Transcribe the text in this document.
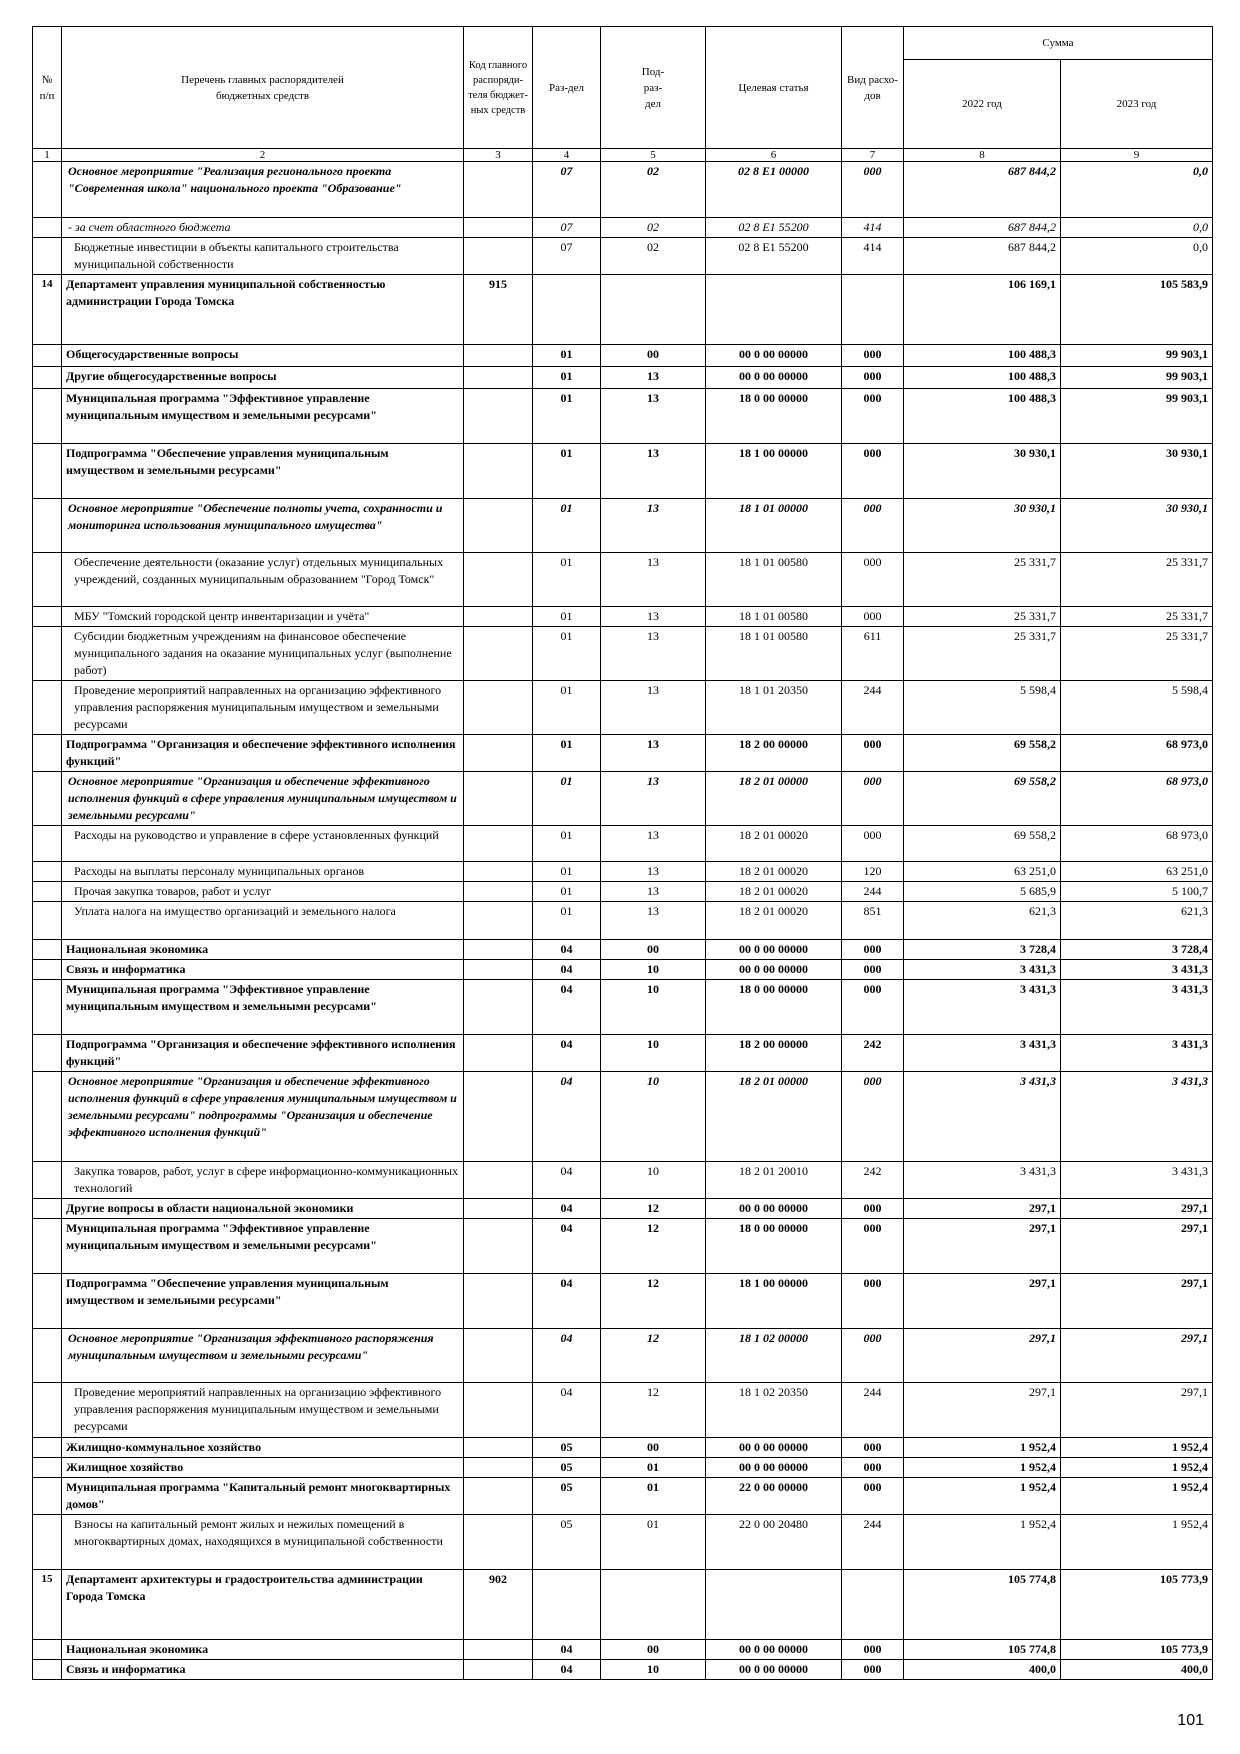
№ п/п	Перечень главных распорядителей бюджетных средств	Код главного распоряди-теля бюджет-ных средств	Раз-дел	Под-раз-дел	Целевая статья	Вид расхо-дов	Сумма	
							2022 год	2023 год
1	2	3	4	5	6	7	8	9
	Основное мероприятие "Реализация регионального проекта "Современная школа" национального проекта "Образование"		07	02	02 8 E1 00000	000	687 844,2	0,0
	- за счет областного бюджета		07	02	02 8 E1 55200	414	687 844,2	0,0
	Бюджетные инвестиции в объекты капитального строительства муниципальной собственности		07	02	02 8 E1 55200	414	687 844,2	0,0
14	Департамент управления муниципальной собственностью администрации Города Томска	915					106 169,1	105 583,9
	Общегосударственные вопросы		01	00	00 0 00 00000	000	100 488,3	99 903,1
	Другие общегосударственные вопросы		01	13	00 0 00 00000	000	100 488,3	99 903,1
	Муниципальная программа "Эффективное управление муниципальным имуществом и земельными ресурсами"		01	13	18 0 00 00000	000	100 488,3	99 903,1
	Подпрограмма "Обеспечение управления муниципальным имуществом и земельными ресурсами"		01	13	18 1 00 00000	000	30 930,1	30 930,1
	Основное мероприятие "Обеспечение полноты учета, сохранности и мониторинга использования муниципального имущества"		01	13	18 1 01 00000	000	30 930,1	30 930,1
	Обеспечение деятельности (оказание услуг) отдельных муниципальных учреждений, созданных муниципальным образованием "Город Томск"		01	13	18 1 01 00580	000	25 331,7	25 331,7
	МБУ "Томский городской центр инвентаризации и учёта"		01	13	18 1 01 00580	000	25 331,7	25 331,7
	Субсидии бюджетным учреждениям на финансовое обеспечение муниципального задания на оказание муниципальных услуг (выполнение работ)		01	13	18 1 01 00580	611	25 331,7	25 331,7
	Проведение мероприятий направленных на организацию эффективного управления распоряжения муниципальным имуществом и земельными ресурсами		01	13	18 1 01 20350	244	5 598,4	5 598,4
	Подпрограмма "Организация и обеспечение эффективного исполнения функций"		01	13	18 2 00 00000	000	69 558,2	68 973,0
	Основное мероприятие "Организация и обеспечение эффективного исполнения функций в сфере управления муниципальным имуществом и земельными ресурсами"		01	13	18 2 01 00000	000	69 558,2	68 973,0
	Расходы на руководство и управление в сфере установленных функций		01	13	18 2 01 00020	000	69 558,2	68 973,0
	Расходы на выплаты персоналу муниципальных органов		01	13	18 2 01 00020	120	63 251,0	63 251,0
	Прочая закупка товаров, работ и услуг		01	13	18 2 01 00020	244	5 685,9	5 100,7
	Уплата налога на имущество организаций и земельного налога		01	13	18 2 01 00020	851	621,3	621,3
	Национальная экономика		04	00	00 0 00 00000	000	3 728,4	3 728,4
	Связь и информатика		04	10	00 0 00 00000	000	3 431,3	3 431,3
	Муниципальная программа "Эффективное управление муниципальным имуществом и земельными ресурсами"		04	10	18 0 00 00000	000	3 431,3	3 431,3
	Подпрограмма "Организация и обеспечение эффективного исполнения функций"		04	10	18 2 00 00000	242	3 431,3	3 431,3
	Основное мероприятие "Организация и обеспечение эффективного исполнения функций в сфере управления муниципальным имуществом и земельными ресурсами" подпрограммы "Организация и обеспечение эффективного исполнения функций"		04	10	18 2 01 00000	000	3 431,3	3 431,3
	Закупка товаров, работ, услуг в сфере информационно-коммуникационных технологий		04	10	18 2 01 20010	242	3 431,3	3 431,3
	Другие вопросы в области национальной экономики		04	12	00 0 00 00000	000	297,1	297,1
	Муниципальная программа "Эффективное управление муниципальным имуществом и земельными ресурсами"		04	12	18 0 00 00000	000	297,1	297,1
	Подпрограмма "Обеспечение управления муниципальным имуществом и земельными ресурсами"		04	12	18 1 00 00000	000	297,1	297,1
	Основное мероприятие "Организация эффективного распоряжения муниципальным имуществом и земельными ресурсами"		04	12	18 1 02 00000	000	297,1	297,1
	Проведение мероприятий направленных на организацию эффективного управления распоряжения муниципальным имуществом и земельными ресурсами		04	12	18 1 02 20350	244	297,1	297,1
	Жилищно-коммунальное хозяйство		05	00	00 0 00 00000	000	1 952,4	1 952,4
	Жилищное хозяйство		05	01	00 0 00 00000	000	1 952,4	1 952,4
	Муниципальная программа "Капитальный ремонт многоквартирных домов"		05	01	22 0 00 00000	000	1 952,4	1 952,4
	Взносы на капитальный ремонт жилых и нежилых помещений в многоквартирных домах, находящихся в муниципальной собственности		05	01	22 0 00 20480	244	1 952,4	1 952,4
15	Департамент архитектуры и градостроительства администрации Города Томска	902					105 774,8	105 773,9
	Национальная экономика		04	00	00 0 00 00000	000	105 774,8	105 773,9
	Связь и информатика		04	10	00 0 00 00000	000	400,0	400,0
101
